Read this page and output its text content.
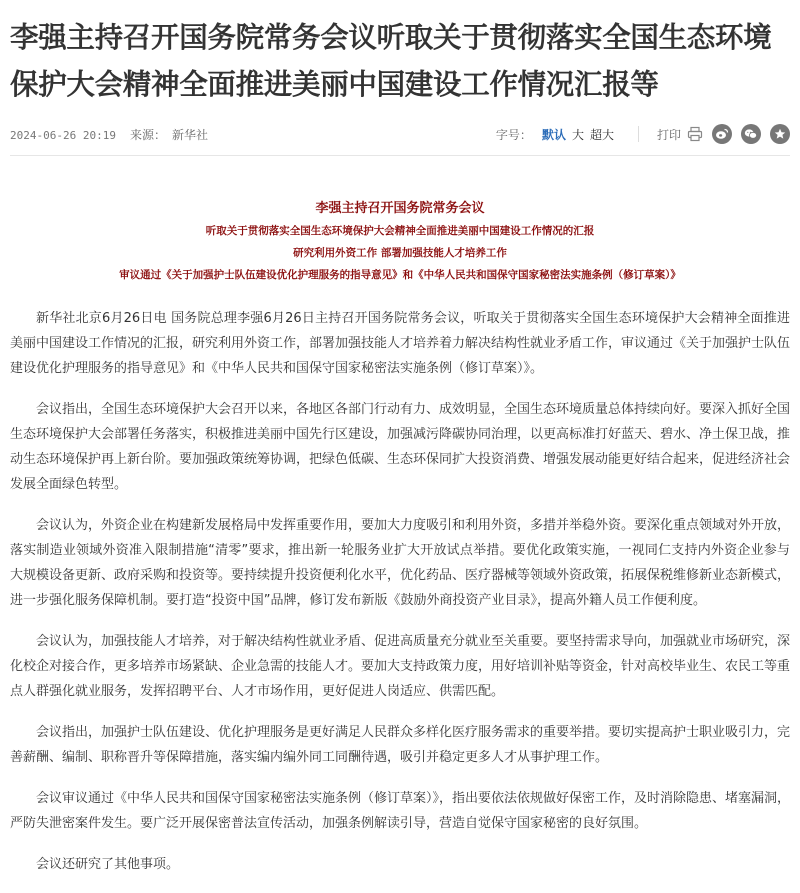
李强主持召开国务院常务会议听取关于贯彻落实全国生态环境保护大会精神全面推进美丽中国建设工作情况汇报等
2024-06-26 20:19 来源： 新华社	字号： 默认 大 超大	打印
李强主持召开国务院常务会议
听取关于贯彻落实全国生态环境保护大会精神全面推进美丽中国建设工作情况的汇报
研究利用外资工作 部署加强技能人才培养工作
审议通过《关于加强护士队伍建设优化护理服务的指导意见》和《中华人民共和国保守国家秘密法实施条例（修订草案）》

新华社北京6月26日电 国务院总理李强6月26日主持召开国务院常务会议，听取关于贯彻落实全国生态环境保护大会精神全面推进美丽中国建设工作情况的汇报，研究利用外资工作，部署加强技能人才培养着力解决结构性就业矛盾工作，审议通过《关于加强护士队伍建设优化护理服务的指导意见》和《中华人民共和国保守国家秘密法实施条例（修订草案）》。

会议指出，全国生态环境保护大会召开以来，各地区各部门行动有力、成效明显，全国生态环境质量总体持续向好。要深入抓好全国生态环境保护大会部署任务落实，积极推进美丽中国先行区建设，加强减污降碳协同治理，以更高标准打好蓝天、碧水、净土保卫战，推动生态环境保护再上新台阶。要加强政策统筹协调，把绿色低碳、生态环保同扩大投资消费、增强发展动能更好结合起来，促进经济社会发展全面绿色转型。

会议认为，外资企业在构建新发展格局中发挥重要作用，要加大力度吸引和利用外资，多措并举稳外资。要深化重点领域对外开放，落实制造业领域外资准入限制措施“清零”要求，推出新一轮服务业扩大开放试点举措。要优化政策实施，一视同仁支持内外资企业参与大规模设备更新、政府采购和投资等。要持续提升投资便利化水平，优化药品、医疗器械等领域外资政策，拓展保税维修新业态新模式，进一步强化服务保障机制。要打造“投资中国”品牌，修订发布新版《鼓励外商投资产业目录》，提高外籍人员工作便利度。

会议认为，加强技能人才培养，对于解决结构性就业矛盾、促进高质量充分就业至关重要。要坚持需求导向，加强就业市场研究，深化校企对接合作，更多培养市场紧缺、企业急需的技能人才。要加大支持政策力度，用好培训补贴等资金，针对高校毕业生、农民工等重点人群强化就业服务，发挥招聘平台、人才市场作用，更好促进人岗适应、供需匹配。

会议指出，加强护士队伍建设、优化护理服务是更好满足人民群众多样化医疗服务需求的重要举措。要切实提高护士职业吸引力，完善薪酬、编制、职称晋升等保障措施，落实编内编外同工同酬待遇，吸引并稳定更多人才从事护理工作。

会议审议通过《中华人民共和国保守国家秘密法实施条例（修订草案）》，指出要依法依规做好保密工作，及时消除隐患、堵塞漏洞，严防失泄密案件发生。要广泛开展保密普法宣传活动，加强条例解读引导，营造自觉保守国家秘密的良好氛围。

会议还研究了其他事项。
